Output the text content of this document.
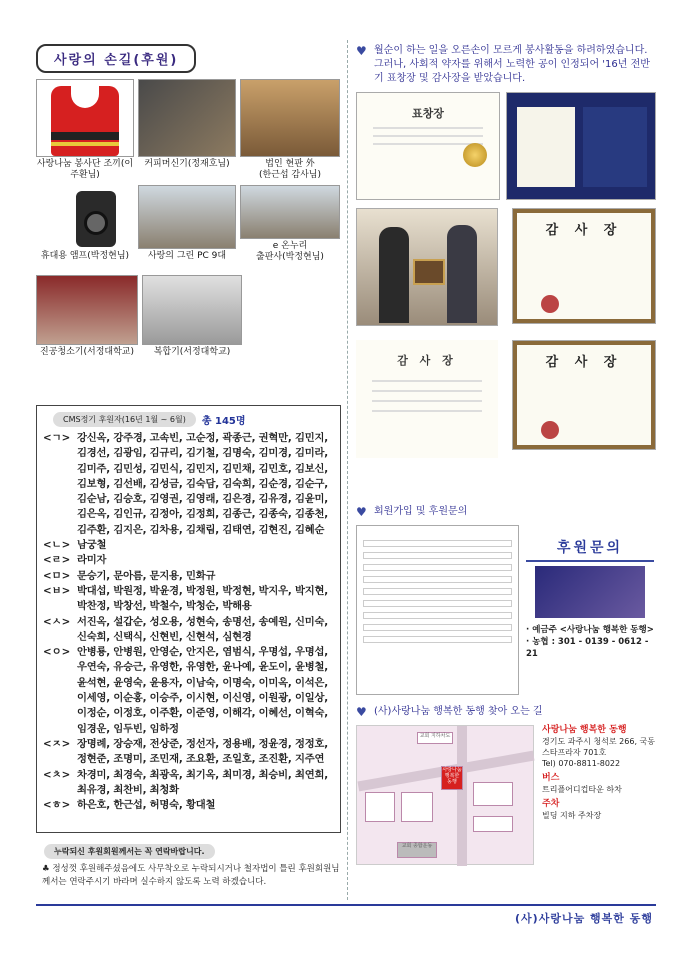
사랑의 손길(후원)
사랑나눔 봉사단 조끼(이주환님)
커피머신기(정재호님)	법인 현판 外
(한근섭 감사님)
휴대용 앰프(박정현님)	사랑의 그린 PC 9대
e 온누리
출판사(박정현님)
진공청소기(서정대학교)	복합기(서정대학교)
CMS정기 후원자(16년 1월 ~ 6월)	총 145명
<ㄱ> 강신옥, 강주경, 고속빈, 고순정, 곽종근, 권혁만, 김민지, 김경선, 김광임, 김규리, 김기철, 김명숙, 김미경, 김미라, 김미주, 김민성, 김민식, 김민지, 김민채, 김민호, 김보신, 김보형, 김선배, 김성금, 김숙담, 김숙희, 김순경, 김순구, 김순남, 김승호, 김영권, 김영래, 김은경, 김유경, 김윤미, 김은옥, 김인규, 김정아, 김정희, 김종근, 김종숙, 김종천, 김주환, 김지은, 김차용, 김채림, 김태연, 김현진, 김혜순
<ㄴ> 남궁철
<ㄹ> 라미자
<ㅁ> 문승기, 문아름, 문지용, 민화규
<ㅂ> 박대섭, 박원정, 박윤경, 박정원, 박정현, 박지우, 박지현, 박찬정, 박창선, 박철수, 박청순, 박해용
<ㅅ> 서진옥, 설갑순, 성오용, 성현숙, 송명선, 송예원, 신미숙, 신숙희, 신택식, 신현빈, 신현석, 심현경
<ㅇ> 안병룡, 안병원, 안영순, 안지은, 염범식, 우명섭, 우명섭, 우연숙, 유승근, 유영한, 유영한, 윤나예, 윤도이, 윤병철, 윤석현, 윤영숙, 윤용자, 이남숙, 이명숙, 이미옥, 이석은, 이세영, 이순홍, 이승주, 이시현, 이신영, 이원광, 이일상, 이정순, 이정호, 이주환, 이준영, 이해각, 이혜선, 이혁숙, 임경운, 임두빈, 임하정
<ㅈ> 장명례, 장승재, 전상준, 정선자, 정용배, 정윤경, 정정호, 정현준, 조명미, 조민재, 조요환, 조일호, 조진환, 지주연
<ㅊ> 차경미, 최경숙, 최광옥, 최기옥, 최미경, 최승비, 최연희, 최유경, 최찬비, 최청화
<ㅎ> 하은호, 한근섭, 허명숙, 황대철
누락되신 후원회원께서는 꼭 연락바랍니다.
♣ 정성껏 후원해주셨음에도 사무착오로 누락되시거나 철자법이 틀린 후원회원님께서는 연락주시기 바라며 실수하지 않도록 노력 하겠습니다.
♥ 월순이 하는 일을 오른손이 모르게 봉사활동을 하려하였습니다. 그러나, 사회적 약자를 위해서 노력한 공이 인정되어 '16년 전반기 표창장 및 감사장을 받았습니다.
표창장
감 사 장
감 사 장	감 사 장
♥ 회원가입 및 후원문의
후원문의
· 예금주 <사랑나눔 행복한 동행>
· 농협 : 301 - 0139 - 0612 - 21
♥ (사)사랑나눔 행복한 동행 찾아 오는 길
교회 지하차도
사랑나눔 행복한 동행
교회 종합운동
사랑나눔 행복한 동행
경기도 과주시 청석로 266, 국동 스타프라자 701호
Tel) 070-8811-8022
버스
트리플어디컵타운 하차
주차
빌딩 지하 주차장
(사)사랑나눔 행복한 동행
